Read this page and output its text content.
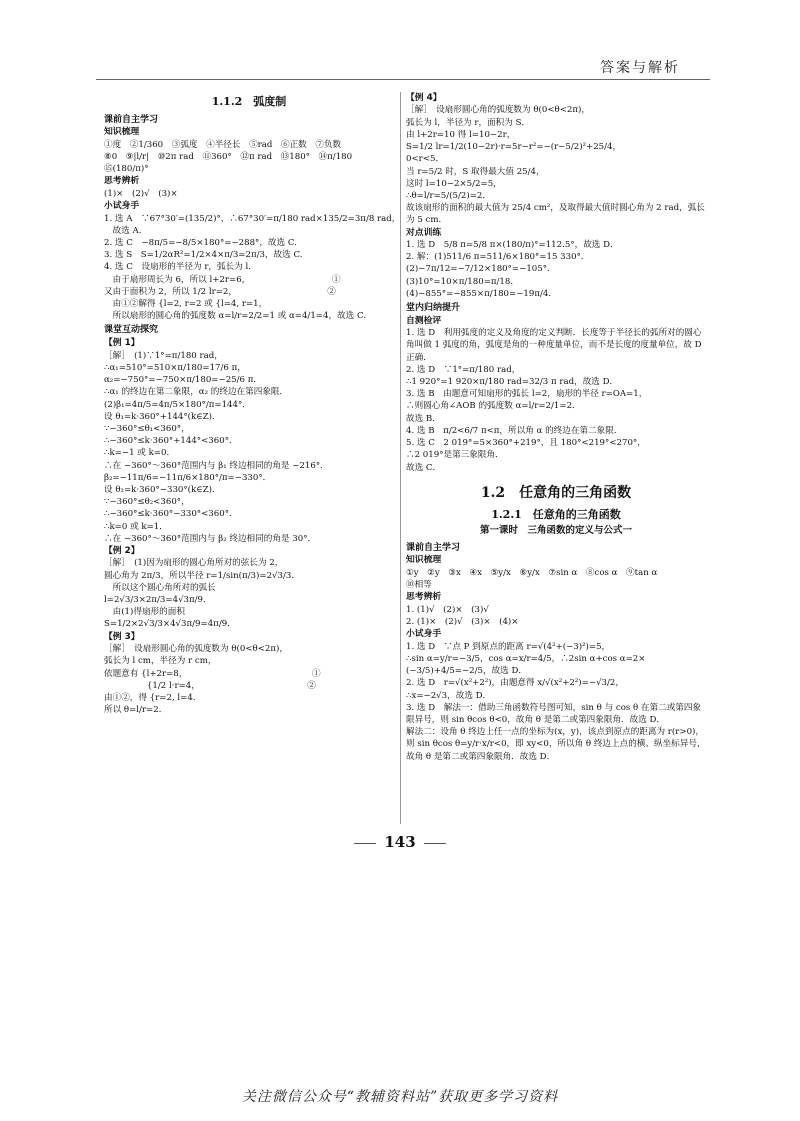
答案与解析
1.1.2　弧度制
课前自主学习
知识梳理
①度　②1/360　③弧度　④半径长　⑤rad　⑥正数　⑦负数
⑧0　⑨|l/r|　⑩2π rad　⑪360°　⑫π rad　⑬180°　⑭π/180
⑮(180/π)°
思考辨析
(1)×　(2)√　(3)×
小试身手
1. 选 A　∵67°30′=(135/2)°，∴67°30′=π/180 rad×135/2=3π/8 rad，
　故选 A.
2. 选 C　−8π/5=−8/5×180°=−288°，故选 C.
3. 选 S　S=1/2αR²=1/2×4×π/3=2π/3，故选 C.
4. 选 C　设扇形的半径为 r，弧长为 l．
　由于扇形周长为 6，所以 l+2r=6，　　　　　　　　　　①
又由于面积为 2，所以 1/2 lr=2，　　　　　　　　　　　②
　由①②解得 {l=2, r=2 或 {l=4, r=1，
　所以扇形的圆心角的弧度数 α=l/r=2/2=1 或 α=4/1=4，故选 C.
课堂互动探究
【例 1】
［解］　(1)∵1°=π/180 rad，
∴α₁=510°=510×π/180=17/6 π，
α₂=−750°=−750×π/180=−25/6 π．
∴α₁ 的终边在第二象限，α₂ 的终边在第四象限．
(2)β₁=4π/5=4π/5×180°/π=144°．
设 θ₁=k·360°+144°(k∈Z)．
∵−360°≤θ₁<360°，
∴−360°≤k·360°+144°<360°．
∴k=−1 或 k=0．
∴在 −360°～360°范围内与 β₁ 终边相同的角是 −216°．
β₂=−11π/6=−11π/6×180°/π=−330°．
设 θ₂=k·360°−330°(k∈Z)．
∵−360°≤θ₂<360°，
∴−360°≤k·360°−330°<360°．
∴k=0 或 k=1．
∴在 −360°～360°范围内与 β₂ 终边相同的角是 30°．
【例 2】
［解］　(1)因为扇形的圆心角所对的弦长为 2，
圆心角为 2π/3，所以半径 r=1/sin(π/3)=2√3/3．
　所以这个圆心角所对的弧长
l=2√3/3×2π/3=4√3π/9．
　由(1)得扇形的面积
S=1/2×2√3/3×4√3π/9=4π/9．
【例 3】
［解］　设扇形圆心角的弧度数为 θ(0<θ<2π)，
弧长为 l cm，半径为 r cm，
依题意有 {l+2r=8，　　　　　　　　　　　　　　　①
　　　　　{1/2 l·r=4，　　　　　　　　　　　　　②
由①②，得 {r=2, l=4．
所以 θ=l/r=2．
【例 4】
［解］　设扇形圆心角的弧度数为 θ(0<θ<2π)，
弧长为 l，半径为 r，面积为 S．
由 l+2r=10 得 l=10−2r，
S=1/2 lr=1/2(10−2r)·r=5r−r²=−(r−5/2)²+25/4，
0<r<5．
当 r=5/2 时，S 取得最大值 25/4，
这时 l=10−2×5/2=5，
∴θ=l/r=5/(5/2)=2．
故该扇形的面积的最大值为 25/4 cm²，及取得最大值时圆心角为 2 rad，弧长为 5 cm．
对点训练
1. 选 D　5/8 π=5/8 π×(180/π)°=112.5°，故选 D．
2. 解：(1)511/6 π=511/6×180°=15 330°．
(2)−7π/12=−7/12×180°=−105°．
(3)10°=10×π/180=π/18．
(4)−855°=−855×π/180=−19π/4．
堂内归纳提升
自测检评
1. 选 D　利用弧度的定义及角度的定义判断．长度等于半径长的弧所对的圆心角叫做 1 弧度的角，弧度是角的一种度量单位，而不是长度的度量单位，故 D 正确．
2. 选 D　∵1°=π/180 rad，
∴1 920°=1 920×π/180 rad=32/3 π rad，故选 D．
3. 选 B　由题意可知扇形的弧长 l=2，扇形的半径 r=OA=1，
∴则圆心角∠AOB 的弧度数 α=l/r=2/1=2．
故选 B．
4. 选 B　π/2<6/7 π<π，所以角 α 的终边在第二象限．
5. 选 C　2 019°=5×360°+219°，且 180°<219°<270°，
∴2 019°是第三象限角．
故选 C．
1.2　任意角的三角函数
1.2.1　任意角的三角函数
第一课时　三角函数的定义与公式一
课前自主学习
知识梳理
①y　②y　③x　④x　⑤y/x　⑥y/x　⑦sin α　⑧cos α　⑨tan α
⑩相等
思考辨析
1. (1)√　(2)×　(3)√
2. (1)×　(2)√　(3)×　(4)×
小试身手
1. 选 D　∵点 P 到原点的距离 r=√(4²+(−3)²)=5，
∴sin α=y/r=−3/5，cos α=x/r=4/5，∴2sin α+cos α=2×
(−3/5)+4/5=−2/5，故选 D．
2. 选 D　r=√(x²+2²)，由题意得 x/√(x²+2²)=−√3/2，
∴x=−2√3，故选 D．
3. 选 D　解法一：借助三角函数符号图可知，sin θ 与 cos θ 在第二或第四象限异号，则 sin θcos θ<0，故角 θ 是第二或第四象限角．故选 D．
解法二：设角 θ 终边上任一点的坐标为(x，y)，该点到原点的距离为 r(r>0)，则 sin θcos θ=y/r·x/r<0，即 xy<0，所以角 θ 终边上点的横、纵坐标异号，故角 θ 是第二或第四象限角．故选 D．
143
关注微信公众号“教辅资料站”获取更多学习资料
